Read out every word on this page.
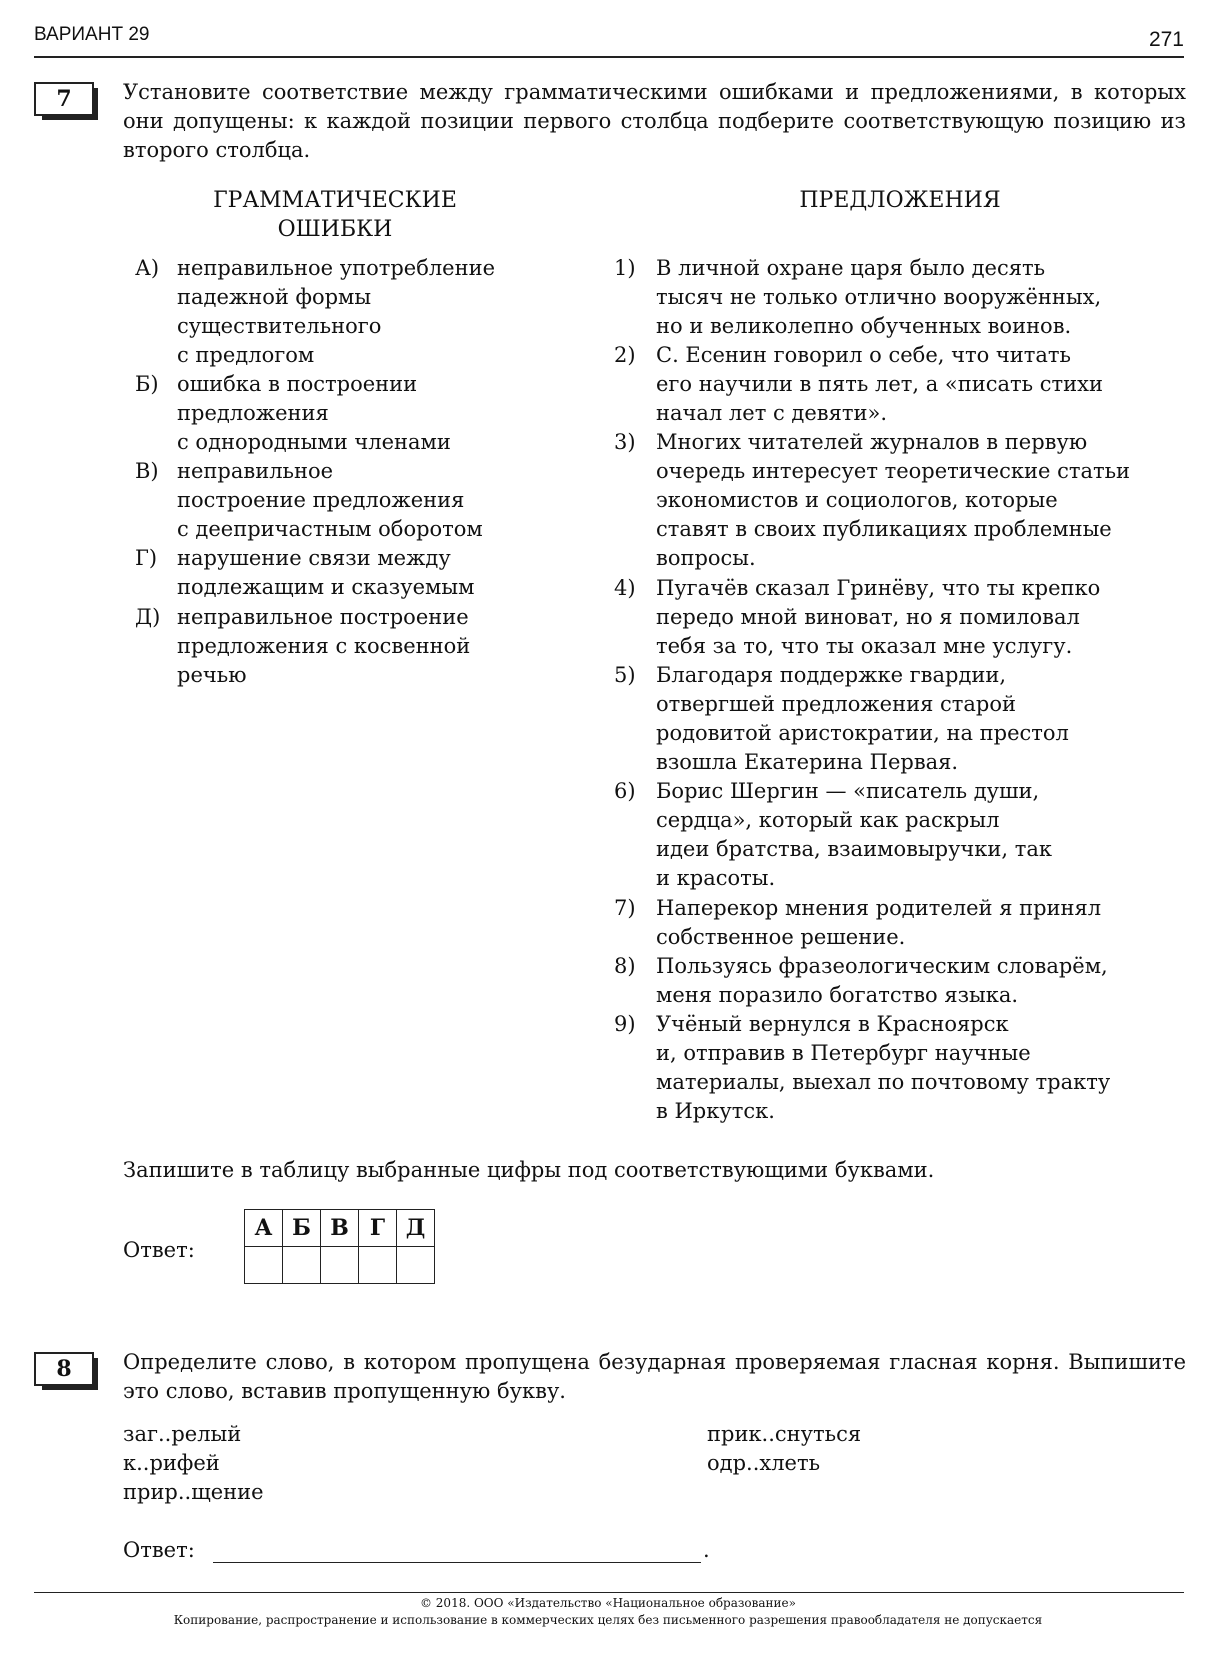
ВАРИАНТ 29	271
7	Установите соответствие между грамматическими ошибками и предложениями, в которых они допущены: к каждой позиции первого столбца подберите соответствующую позицию из второго столбца.

ГРАММАТИЧЕСКИЕ
ОШИБКИ
ПРЕДЛОЖЕНИЯ
А) неправильное употребление
падежной формы
существительного
с предлогом
Б) ошибка в построении
предложения
с однородными членами
В) неправильное
построение предложения
с деепричастным оборотом
Г) нарушение связи между
подлежащим и сказуемым
Д) неправильное построение
предложения с косвенной
речью
1) В личной охране царя было десять
тысяч не только отлично вооружённых,
но и великолепно обученных воинов.
2) С. Есенин говорил о себе, что читать
его научили в пять лет, а «писать стихи
начал лет с девяти».
3) Многих читателей журналов в первую
очередь интересует теоретические статьи
экономистов и социологов, которые
ставят в своих публикациях проблемные
вопросы.
4) Пугачёв сказал Гринёву, что ты крепко
передо мной виноват, но я помиловал
тебя за то, что ты оказал мне услугу.
5) Благодаря поддержке гвардии,
отвергшей предложения старой
родовитой аристократии, на престол
взошла Екатерина Первая.
6) Борис Шергин — «писатель души,
сердца», который как раскрыл
идеи братства, взаимовыручки, так
и красоты.
7) Наперекор мнения родителей я принял
собственное решение.
8) Пользуясь фразеологическим словарём,
меня поразило богатство языка.
9) Учёный вернулся в Красноярск
и, отправив в Петербург научные
материалы, выехал по почтовому тракту
в Иркутск.

Запишите в таблицу выбранные цифры под соответствующими буквами.

Ответ:
А	Б	В	Г	Д

8	Определите слово, в котором пропущена безударная проверяемая гласная корня. Выпишите это слово, вставив пропущенную букву.

заг..релый
к..рифей
прир..щение
прик..снуться
одр..хлеть
Ответ:	.
© 2018. ООО «Издательство «Национальное образование»
Копирование, распространение и использование в коммерческих целях без письменного разрешения правообладателя не допускается
